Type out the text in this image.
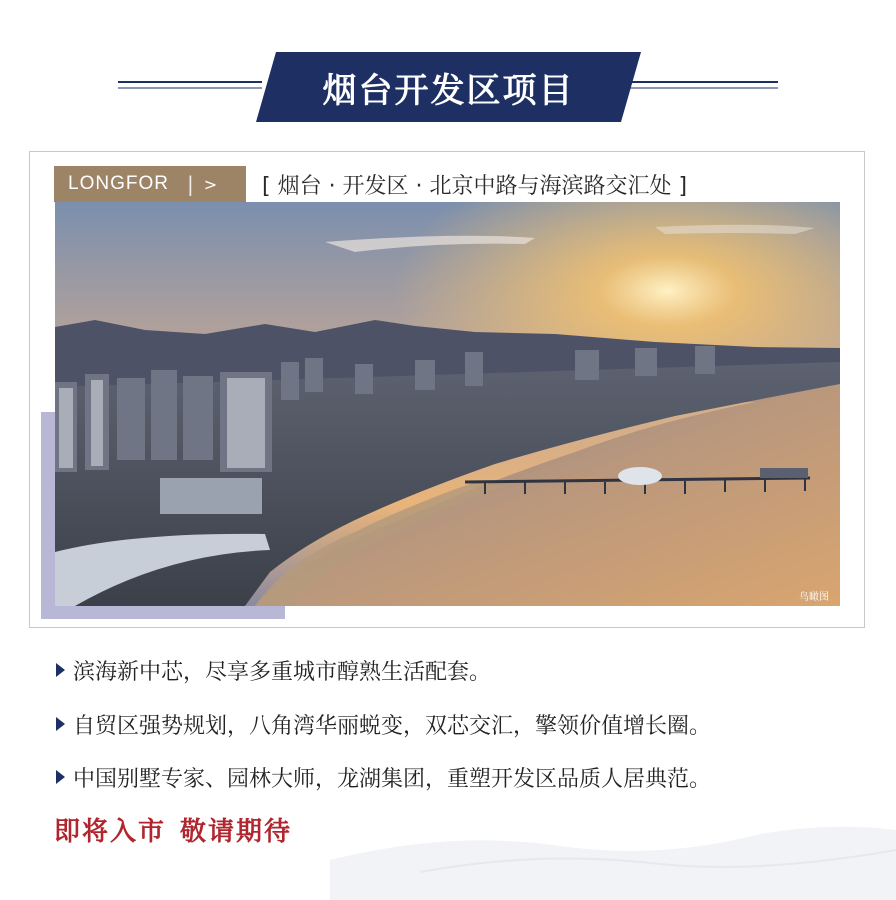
烟台开发区项目
LONGFOR | > [ 烟台 · 开发区 · 北京中路与海滨路交汇处 ]
鸟瞰图
滨海新中芯，尽享多重城市醇熟生活配套。
自贸区强势规划，八角湾华丽蜕变，双芯交汇，擎领价值增长圈。
中国别墅专家、园林大师，龙湖集团，重塑开发区品质人居典范。
即将入市 敬请期待
